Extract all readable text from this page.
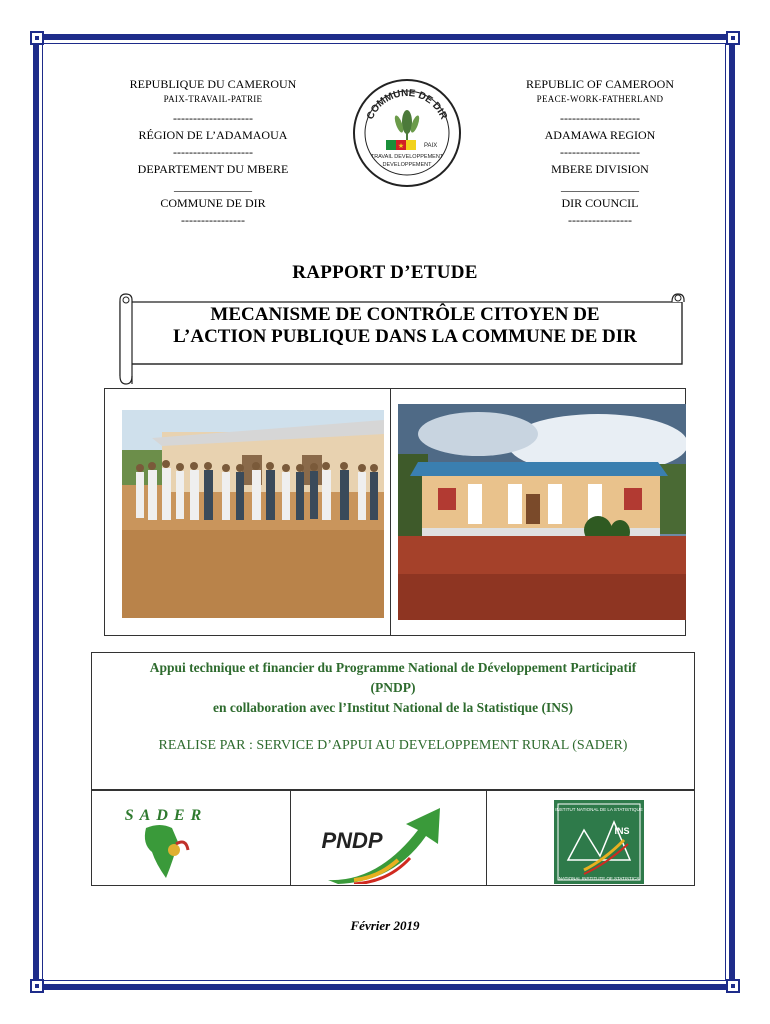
REPUBLIQUE DU CAMEROUN
PAIX-TRAVAIL-PATRIE
--------------------
RÉGION DE L’ADAMAOUA
--------------------
DEPARTEMENT DU MBERE
_____________
COMMUNE DE DIR
----------------
REPUBLIC OF CAMEROON
PEACE-WORK-FATHERLAND
--------------------
ADAMAWA REGION
--------------------
MBERE DIVISION
_____________
DIR COUNCIL
----------------
COMMUNE DE DIR
★	PAIX
TRAVAIL DEVELOPPEMENT
DEVELOPPEMENT
RAPPORT D’ETUDE
MECANISME DE CONTRÔLE CITOYEN DE
L’ACTION PUBLIQUE DANS LA COMMUNE DE DIR
Appui technique et financier du Programme National de Développement Participatif
(PNDP)
en collaboration avec l’Institut National de la Statistique (INS)
REALISE PAR : SERVICE D’APPUI AU DEVELOPPEMENT RURAL (SADER)
SADER
PNDP
INSTITUT NATIONAL DE LA STATISTIQUE
INS
NATIONAL INSTITUTE OF STATISTICS
Février 2019
